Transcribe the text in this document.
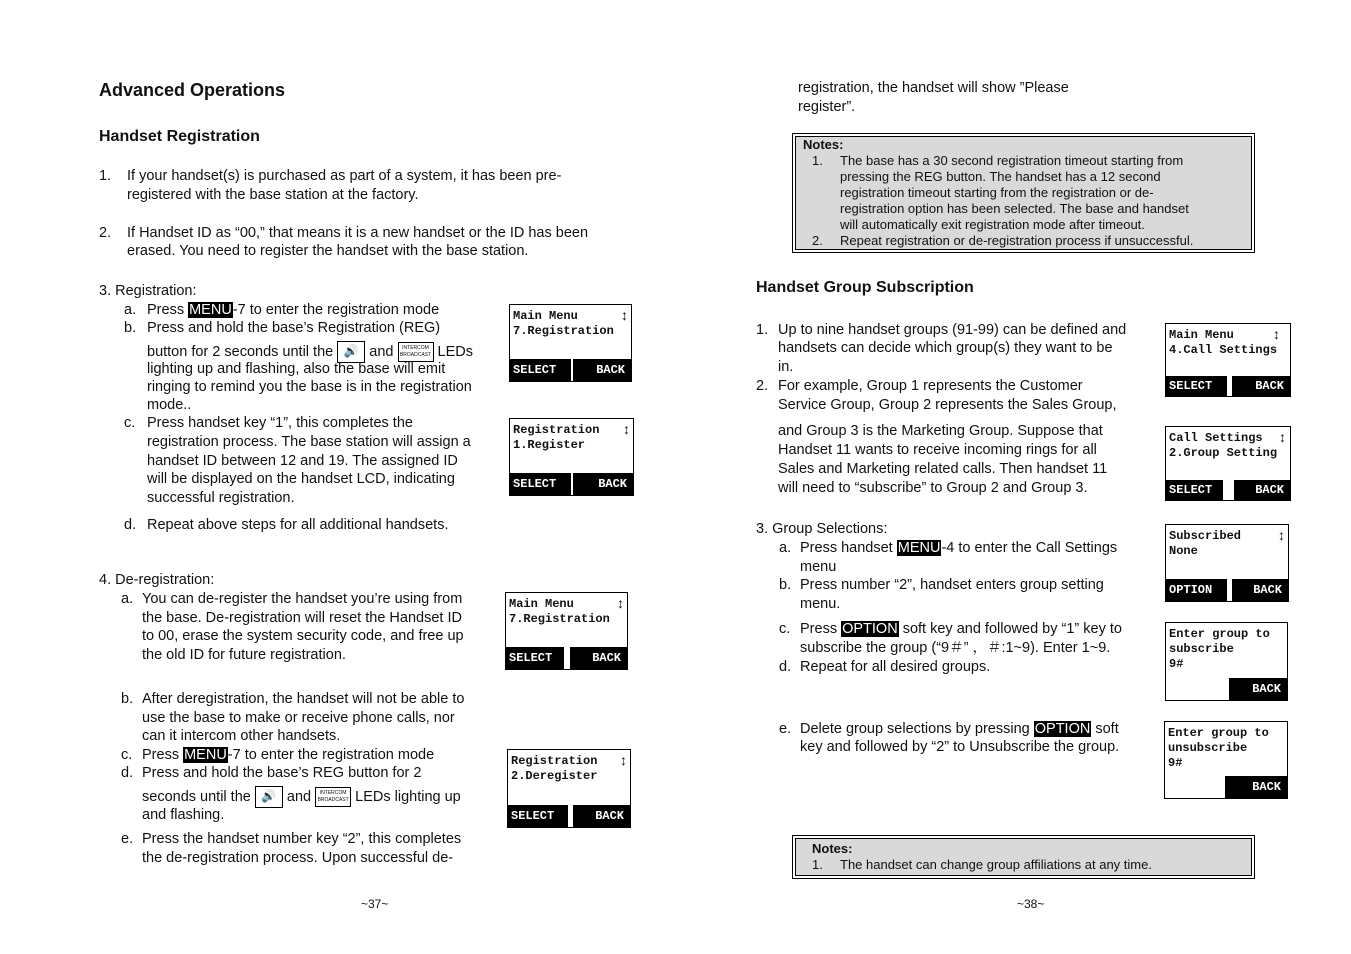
Advanced Operations
Handset Registration
1. If your handset(s) is purchased as part of a system, it has been pre-
registered with the base station at the factory.
2. If Handset ID as “00,” that means it is a new handset or the ID has been
erased. You need to register the handset with the base station.
3. Registration:
a. Press MENU-7 to enter the registration mode
b. Press and hold the base’s Registration (REG)
button for 2 seconds until the 🔊 and INTERCOM
BROADCAST LEDs
lighting up and flashing, also the base will emit
ringing to remind you the base is in the registration
mode..
c. Press handset key “1”, this completes the
registration process. The base station will assign a
handset ID between 12 and 19. The assigned ID
will be displayed on the handset LCD, indicating
successful registration.
d. Repeat above steps for all additional handsets.
4. De-registration:
a. You can de-register the handset you’re using from
the base. De-registration will reset the Handset ID
to 00, erase the system security code, and free up
the old ID for future registration.
b. After deregistration, the handset will not be able to
use the base to make or receive phone calls, nor
can it intercom other handsets.
c. Press MENU-7 to enter the registration mode
d. Press and hold the base’s REG button for 2
seconds until the 🔊 and INTERCOM
BROADCAST LEDs lighting up
and flashing.
e. Press the handset number key “2”, this completes
the de-registration process. Upon successful de-
~37~
Main Menu
7.Registration
↕
SELECT	BACK
Registration
1.Register
↕
SELECT	BACK
Main Menu
7.Registration
↕
SELECT	BACK
Registration
2.Deregister
↕
SELECT	BACK
registration, the handset will show ”Please
register”.
Notes:
1. The base has a 30 second registration timeout starting from
pressing the REG button. The handset has a 12 second
registration timeout starting from the registration or de-
registration option has been selected. The base and handset
will automatically exit registration mode after timeout.
2. Repeat registration or de-registration process if unsuccessful.
Handset Group Subscription
1. Up to nine handset groups (91-99) can be defined and
handsets can decide which group(s) they want to be
in.
2. For example, Group 1 represents the Customer
Service Group, Group 2 represents the Sales Group,
and Group 3 is the Marketing Group. Suppose that
Handset 11 wants to receive incoming rings for all
Sales and Marketing related calls. Then handset 11
will need to “subscribe” to Group 2 and Group 3.
3. Group Selections:
a. Press handset MENU-4 to enter the Call Settings
menu
b. Press number “2”, handset enters group setting
menu.
c. Press OPTION soft key and followed by “1” key to
subscribe the group (“9＃” ，＃:1~9). Enter 1~9.
d. Repeat for all desired groups.
e. Delete group selections by pressing OPTION soft
key and followed by “2” to Unsubscribe the group.
Notes:
1. The handset can change group affiliations at any time.
~38~
Main Menu
4.Call Settings
↕
SELECT	BACK
Call Settings
2.Group Setting
↕
SELECT	BACK
Subscribed
None
↕
OPTION	BACK
Enter group to
subscribe
9#
BACK
Enter group to
unsubscribe
9#
BACK
